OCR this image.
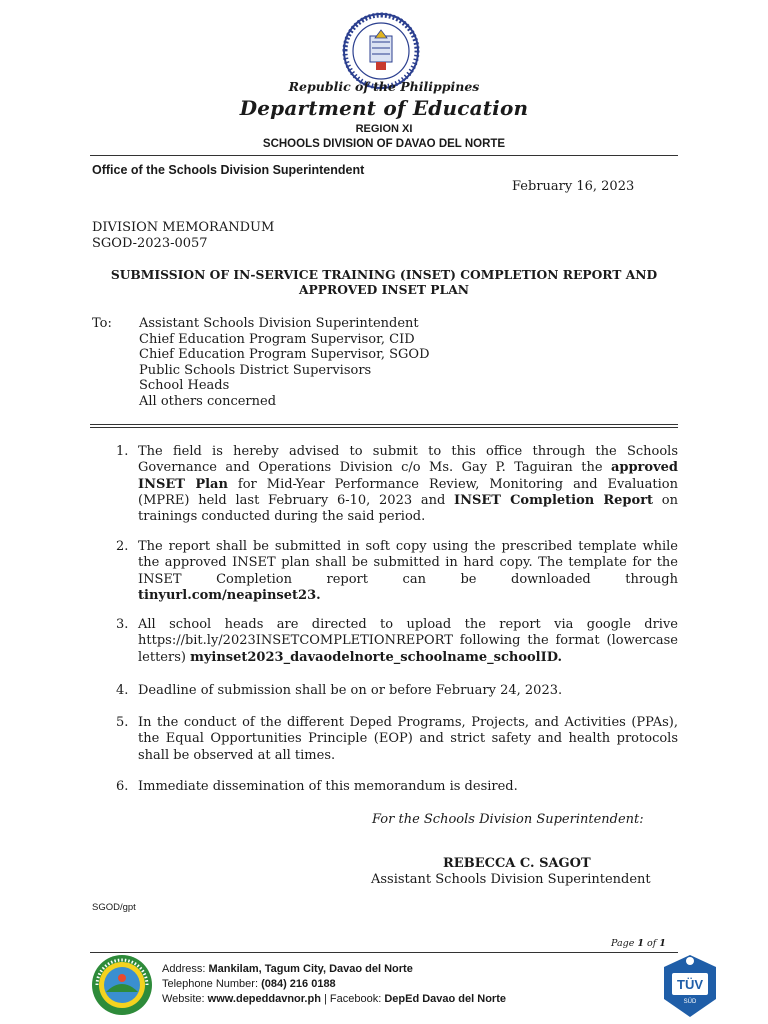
Republic of the Philippines
Department of Education
REGION XI
SCHOOLS DIVISION OF DAVAO DEL NORTE
Office of the Schools Division Superintendent
February 16, 2023
DIVISION MEMORANDUM
SGOD-2023-0057
SUBMISSION OF IN-SERVICE TRAINING (INSET) COMPLETION REPORT AND
APPROVED INSET PLAN
To: Assistant Schools Division Superintendent
Chief Education Program Supervisor, CID
Chief Education Program Supervisor, SGOD
Public Schools District Supervisors
School Heads
All others concerned
1. The field is hereby advised to submit to this office through the Schools Governance and Operations Division c/o Ms. Gay P. Taguiran the approved INSET Plan for Mid-Year Performance Review, Monitoring and Evaluation (MPRE) held last February 6-10, 2023 and INSET Completion Report on trainings conducted during the said period.
2. The report shall be submitted in soft copy using the prescribed template while the approved INSET plan shall be submitted in hard copy. The template for the INSET Completion report can be downloaded through tinyurl.com/neapinset23.
3. All school heads are directed to upload the report via google drive https://bit.ly/2023INSETCOMPLETIONREPORT following the format (lowercase letters) myinset2023_davaodelnorte_schoolname_schoolID.
4. Deadline of submission shall be on or before February 24, 2023.
5. In the conduct of the different Deped Programs, Projects, and Activities (PPAs), the Equal Opportunities Principle (EOP) and strict safety and health protocols shall be observed at all times.
6. Immediate dissemination of this memorandum is desired.
For the Schools Division Superintendent:
REBECCA C. SAGOT
Assistant Schools Division Superintendent
SGOD/gpt
Page 1 of 1
Address: Mankilam, Tagum City, Davao del Norte
Telephone Number: (084) 216 0188
Website: www.depeddavnor.ph | Facebook: DepEd Davao del Norte
TÜV
SÜD
